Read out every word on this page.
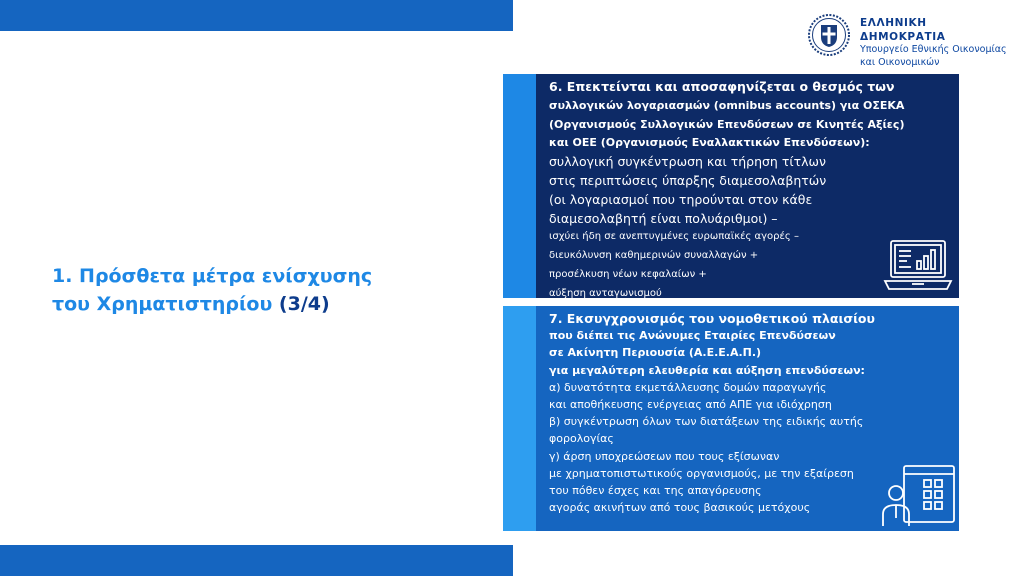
ΕΛΛΗΝΙΚΗ ΔΗΜΟΚΡΑΤΙΑ
Υπουργείο Εθνικής Οικονομίας
και Οικονομικών
1. Πρόσθετα μέτρα ενίσχυσης
του Χρηματιστηρίου (3/4)
6. Επεκτείνται και αποσαφηνίζεται ο θεσμός των
συλλογικών λογαριασμών (omnibus accounts) για ΟΣΕΚΑ
(Οργανισμούς Συλλογικών Επενδύσεων σε Κινητές Αξίες)
και ΟΕΕ (Οργανισμούς Εναλλακτικών Επενδύσεων):
συλλογική συγκέντρωση και τήρηση τίτλων
στις περιπτώσεις ύπαρξης διαμεσολαβητών
(οι λογαριασμοί που τηρούνται στον κάθε
διαμεσολαβητή είναι πολυάριθμοι) –
ισχύει ήδη σε ανεπτυγμένες ευρωπαϊκές αγορές –
διευκόλυνση καθημερινών συναλλαγών +
προσέλκυση νέων κεφαλαίων +
αύξηση ανταγωνισμού
7. Εκσυγχρονισμός του νομοθετικού πλαισίου
που διέπει τις Ανώνυμες Εταιρίες Επενδύσεων
σε Ακίνητη Περιουσία (Α.Ε.Ε.Α.Π.)
για μεγαλύτερη ελευθερία και αύξηση επενδύσεων:
α) δυνατότητα εκμετάλλευσης δομών παραγωγής
και αποθήκευσης ενέργειας από ΑΠΕ για ιδιόχρηση
β) συγκέντρωση όλων των διατάξεων της ειδικής αυτής
φορολογίας
γ) άρση υποχρεώσεων που τους εξίσωναν
με χρηματοπιστωτικούς οργανισμούς, με την εξαίρεση
του πόθεν έσχες και της απαγόρευσης
αγοράς ακινήτων από τους βασικούς μετόχους
